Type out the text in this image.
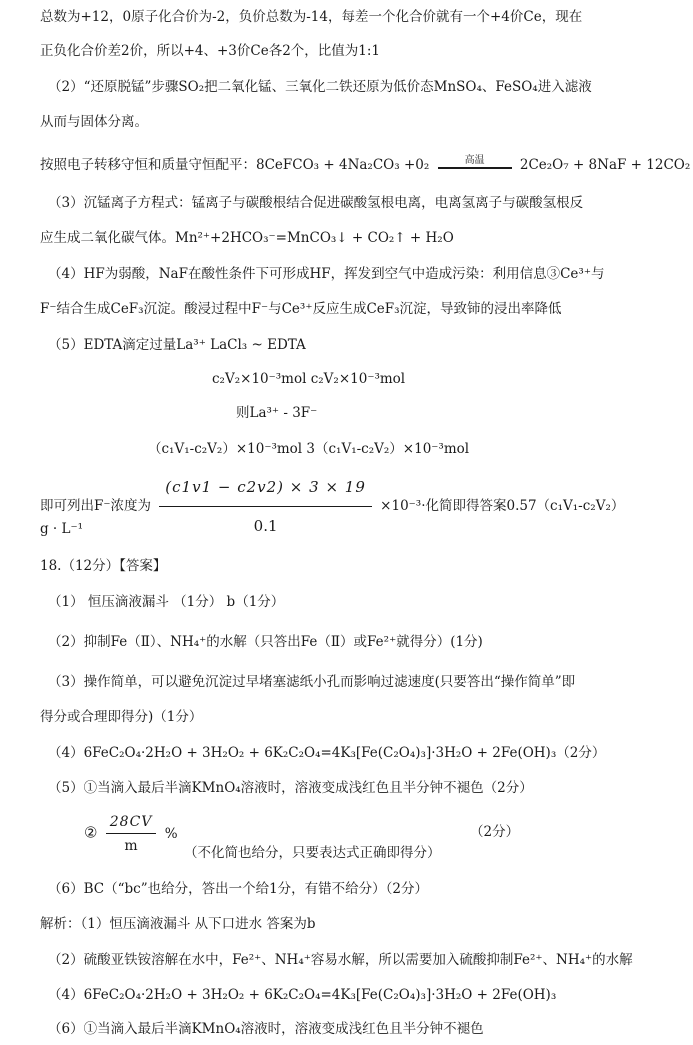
总数为+12，0原子化合价为-2，负价总数为-14，每差一个化合价就有一个+4价Ce，现在
正负化合价差2价，所以+4、+3价Ce各2个，比值为1:1
（2）“还原脱锰”步骤SO₂把二氧化锰、三氧化二铁还原为低价态MnSO₄、FeSO₄进入滤液
从而与固体分离。
按照电子转移守恒和质量守恒配平：8CeFCO₃ + 4Na₂CO₃ +0₂	高温	2Ce₂O₇ + 8NaF + 12CO₂
（3）沉锰离子方程式：锰离子与碳酸根结合促进碳酸氢根电离，电离氢离子与碳酸氢根反
应生成二氧化碳气体。Mn²⁺+2HCO₃⁻=MnCO₃↓ + CO₂↑ + H₂O
（4）HF为弱酸，NaF在酸性条件下可形成HF，挥发到空气中造成污染：利用信息③Ce³⁺与
F⁻结合生成CeF₃沉淀。酸浸过程中F⁻与Ce³⁺反应生成CeF₃沉淀，导致铈的浸出率降低
（5）EDTA滴定过量La³⁺ LaCl₃ ~ EDTA
c₂V₂×10⁻³mol c₂V₂×10⁻³mol
则La³⁺ - 3F⁻
（c₁V₁-c₂V₂）×10⁻³mol 3（c₁V₁-c₂V₂）×10⁻³mol
即可列出F⁻浓度为 $\frac{(c1v1 - c2v2) \times 3 \times 19}{0.1} \times 10^{-3}\cdot$化简即得答案0.57（c₁V₁-c₂V₂）
g · L⁻¹
18.（12分）【答案】
（1） 恒压滴液漏斗 （1分） b（1分）
（2）抑制Fe（Ⅱ）、NH₄⁺的水解（只答出Fe（Ⅱ）或Fe²⁺就得分）(1分)
（3）操作简单，可以避免沉淀过早堵塞滤纸小孔而影响过滤速度(只要答出“操作简单”即
得分或合理即得分)（1分）
（4）6FeC₂O₄·2H₂O + 3H₂O₂ + 6K₂C₂O₄=4K₃[Fe(C₂O₄)₃]·3H₂O + 2Fe(OH)₃（2分）
（5）①当滴入最后半滴KMnO₄溶液时，溶液变成浅红色且半分钟不褪色（2分）
② $\frac{28CV}{m}$ %	（2分）
（不化简也给分，只要表达式正确即得分）
（6）BC（“bc”也给分，答出一个给1分，有错不给分）（2分）
解析：（1）恒压滴液漏斗 从下口进水 答案为b
（2）硫酸亚铁铵溶解在水中，Fe²⁺、NH₄⁺容易水解，所以需要加入硫酸抑制Fe²⁺、NH₄⁺的水解
（4）6FeC₂O₄·2H₂O + 3H₂O₂ + 6K₂C₂O₄=4K₃[Fe(C₂O₄)₃]·3H₂O + 2Fe(OH)₃
（6）①当滴入最后半滴KMnO₄溶液时，溶液变成浅红色且半分钟不褪色
